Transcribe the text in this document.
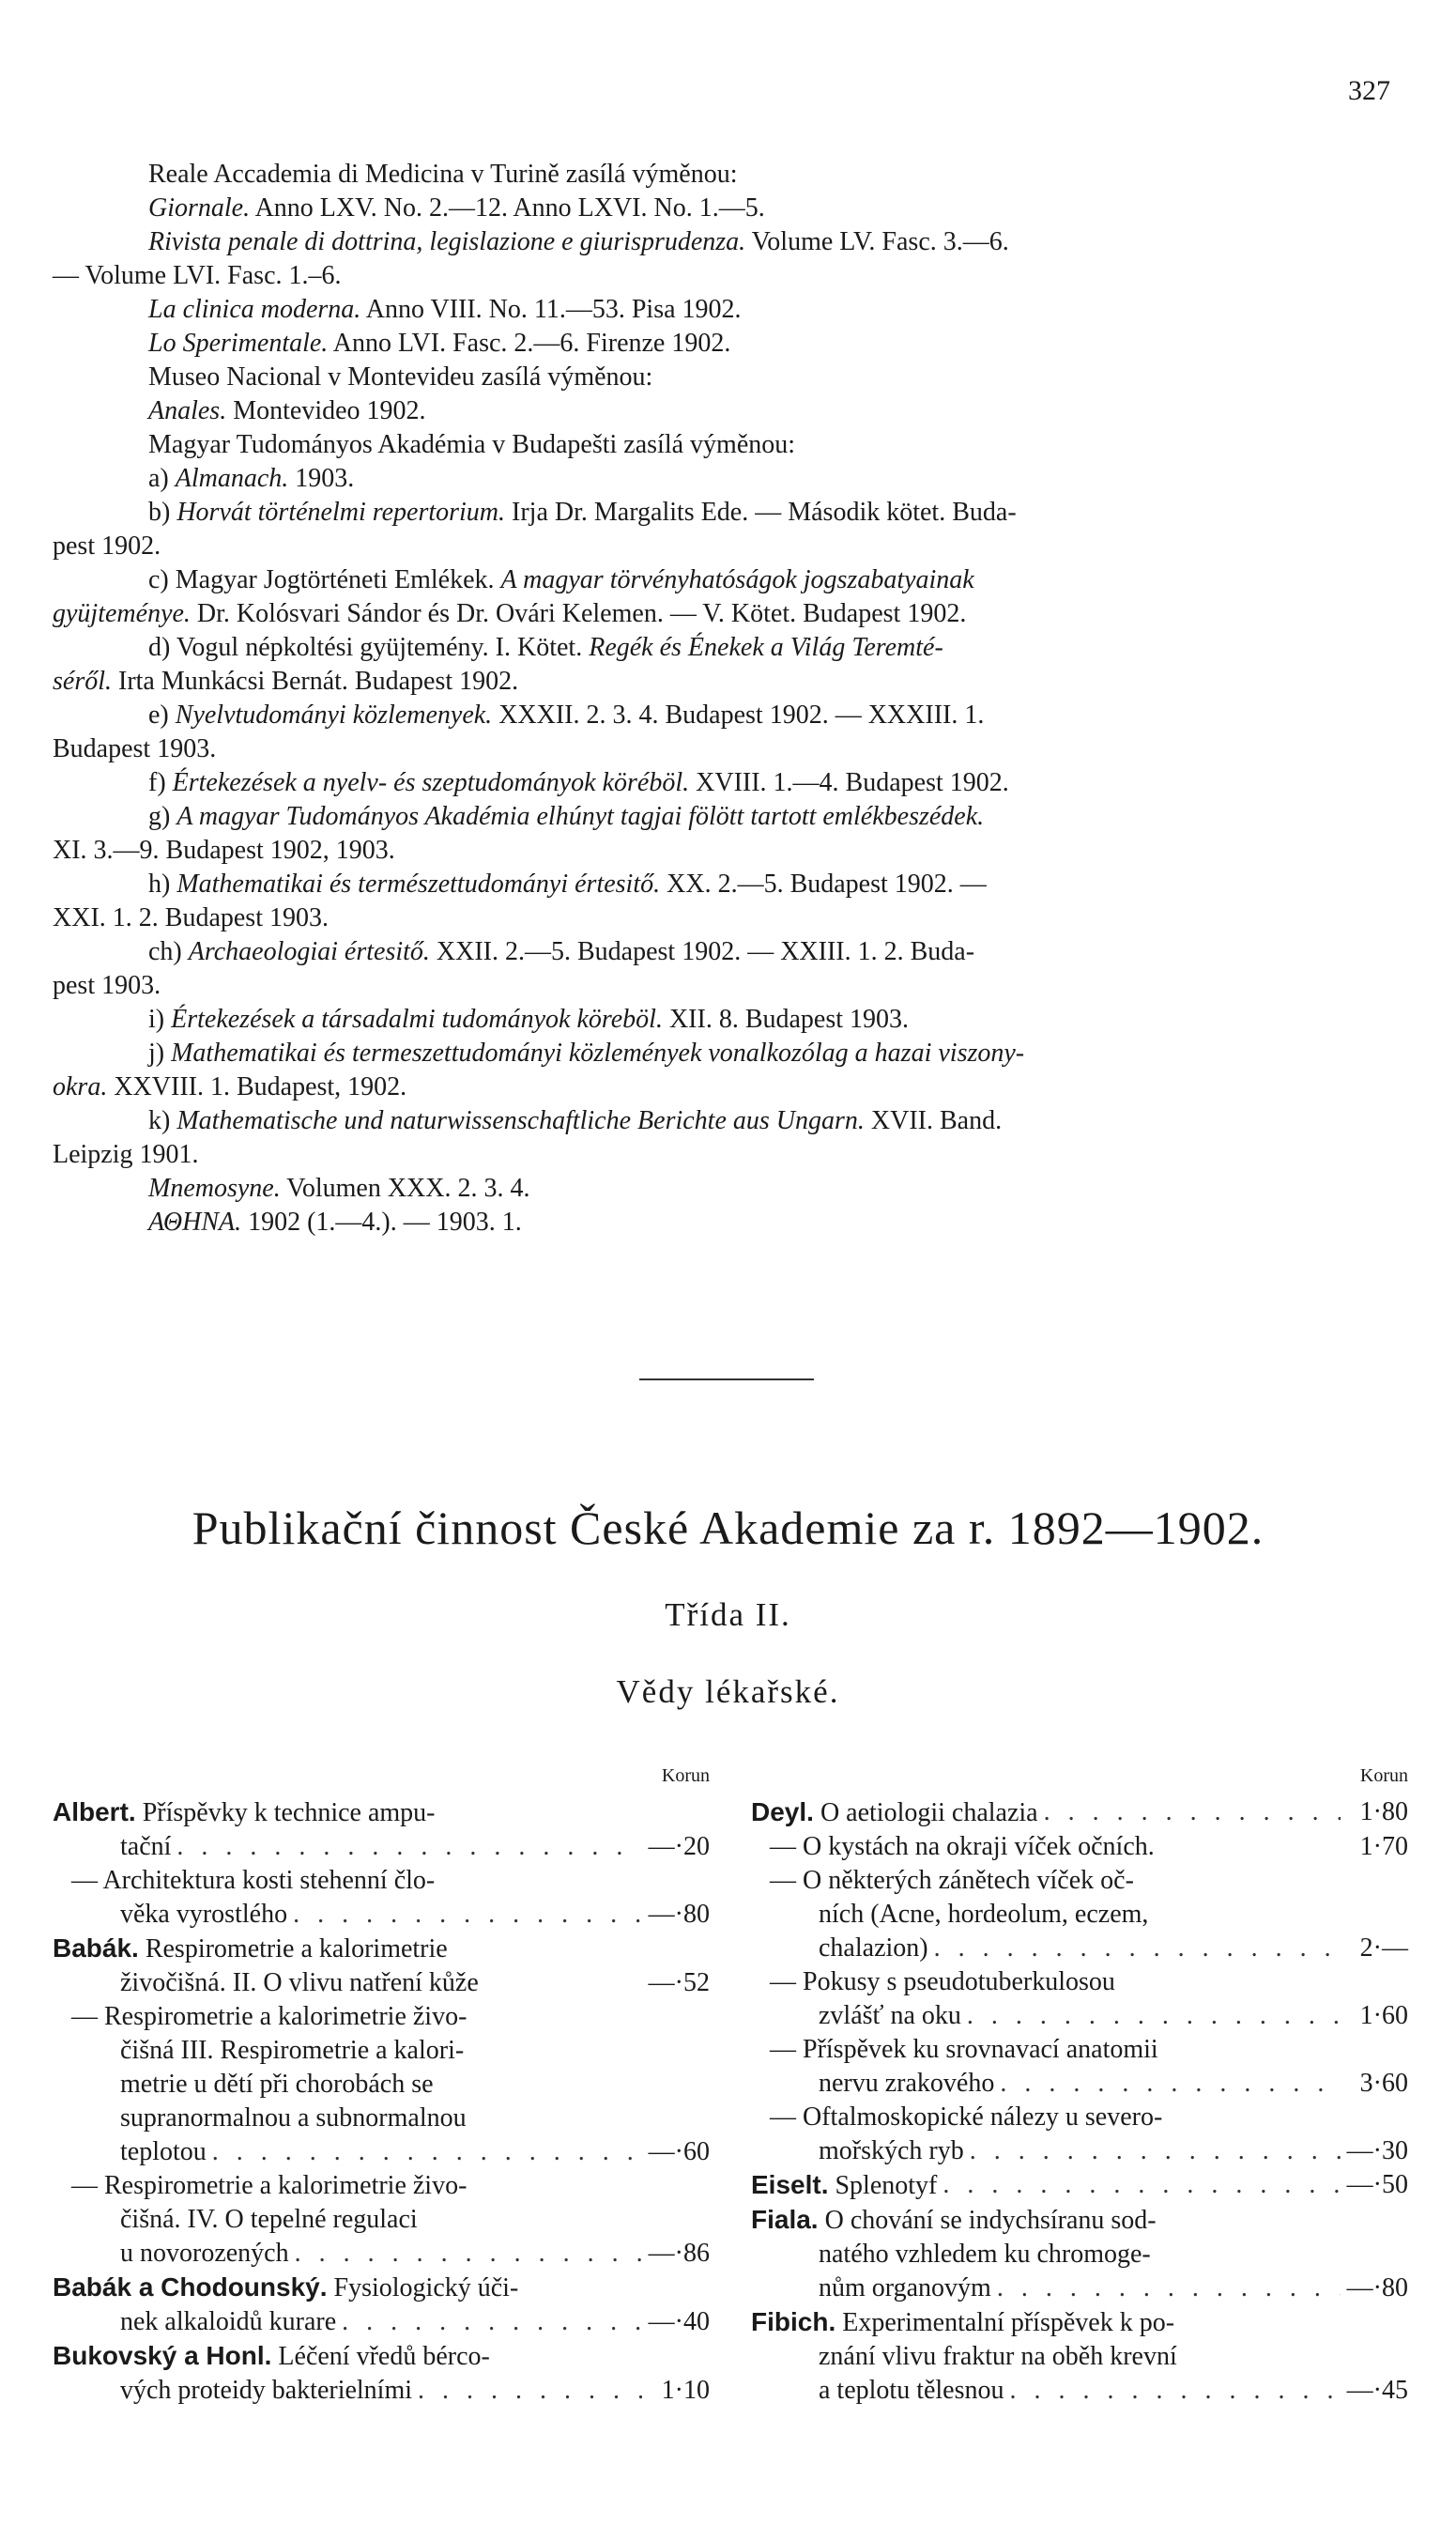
327
Reale Accademia di Medicina v Turině zasílá výměnou:
Giornale. Anno LXV. No. 2.—12. Anno LXVI. No. 1.—5.
Rivista penale di dottrina, legislazione e giurisprudenza. Volume LV. Fasc. 3.—6.
— Volume LVI. Fasc. 1.–6.
La clinica moderna. Anno VIII. No. 11.—53. Pisa 1902.
Lo Sperimentale. Anno LVI. Fasc. 2.—6. Firenze 1902.
Museo Nacional v Montevideu zasílá výměnou:
Anales. Montevideo 1902.
Magyar Tudományos Akadémia v Budapešti zasílá výměnou:
a) Almanach. 1903.
b) Horvát történelmi repertorium. Irja Dr. Margalits Ede. — Második kötet. Buda-
pest 1902.
c) Magyar Jogtörténeti Emlékek. A magyar törvényhatóságok jogszabatyainak
gyüjteménye. Dr. Kolósvari Sándor és Dr. Ovári Kelemen. — V. Kötet. Budapest 1902.
d) Vogul népkoltési gyüjtemény. I. Kötet. Regék és Énekek a Világ Teremté-
séről. Irta Munkácsi Bernát. Budapest 1902.
e) Nyelvtudományi közlemenyek. XXXII. 2. 3. 4. Budapest 1902. — XXXIII. 1.
Budapest 1903.
f) Értekezések a nyelv- és szeptudományok köréböl. XVIII. 1.—4. Budapest 1902.
g) A magyar Tudományos Akadémia elhúnyt tagjai fölött tartott emlékbeszédek.
XI. 3.—9. Budapest 1902, 1903.
h) Mathematikai és természettudományi értesitő. XX. 2.—5. Budapest 1902. —
XXI. 1. 2. Budapest 1903.
ch) Archaeologiai értesitő. XXII. 2.—5. Budapest 1902. — XXIII. 1. 2. Buda-
pest 1903.
i) Értekezések a társadalmi tudományok köreböl. XII. 8. Budapest 1903.
j) Mathematikai és termeszettudományi közlemények vonalkozólag a hazai viszony-
okra. XXVIII. 1. Budapest, 1902.
k) Mathematische und naturwissenschaftliche Berichte aus Ungarn. XVII. Band.
Leipzig 1901.
Mnemosyne. Volumen XXX. 2. 3. 4.
ΑΘΗΝΑ. 1902 (1.—4.). — 1903. 1.
Publikační činnost České Akademie za r. 1892—1902.
Třída II.
Vědy lékařské.
Korun
Albert. Příspěvky k technice ampu-
tační . . .	—·20
— Architektura kosti stehenní člo-
věka vyrostlého . . .	—·80
Babák. Respirometrie a kalorimetrie
živočišná. II. O vlivu natření kůže	—·52
— Respirometrie a kalorimetrie živo-
čišná III. Respirometrie a kalori-
metrie u dětí při chorobách se
supranormalnou a subnormalnou
teplotou . . .	—·60
— Respirometrie a kalorimetrie živo-
čišná. IV. O tepelné regulaci
u novorozených . . .	—·86
Babák a Chodounský. Fysiologický úči-
nek alkaloidů kurare . . .	—·40
Bukovský a Honl. Léčení vředů bérco-
vých proteidy bakterielními . . .	1·10
Korun
Deyl. O aetiologii chalazia . . .	1·80
— O kystách na okraji víček očních.	1·70
— O některých zánětech víček oč-
ních (Acne, hordeolum, eczem,
chalazion) . . .	2·—
— Pokusy s pseudotuberkulosou
zvlášť na oku . . .	1·60
— Příspěvek ku srovnavací anatomii
nervu zrakového . . .	3·60
— Oftalmoskopické nálezy u severo-
mořských ryb . . .	—·30
Eiselt. Splenotyf . . .	—·50
Fiala. O chování se indychsíranu sod-
natého vzhledem ku chromoge-
nům organovým . . .	—·80
Fibich. Experimentalní příspěvek k po-
znání vlivu fraktur na oběh krevní
a teplotu tělesnou . . .	—·45
